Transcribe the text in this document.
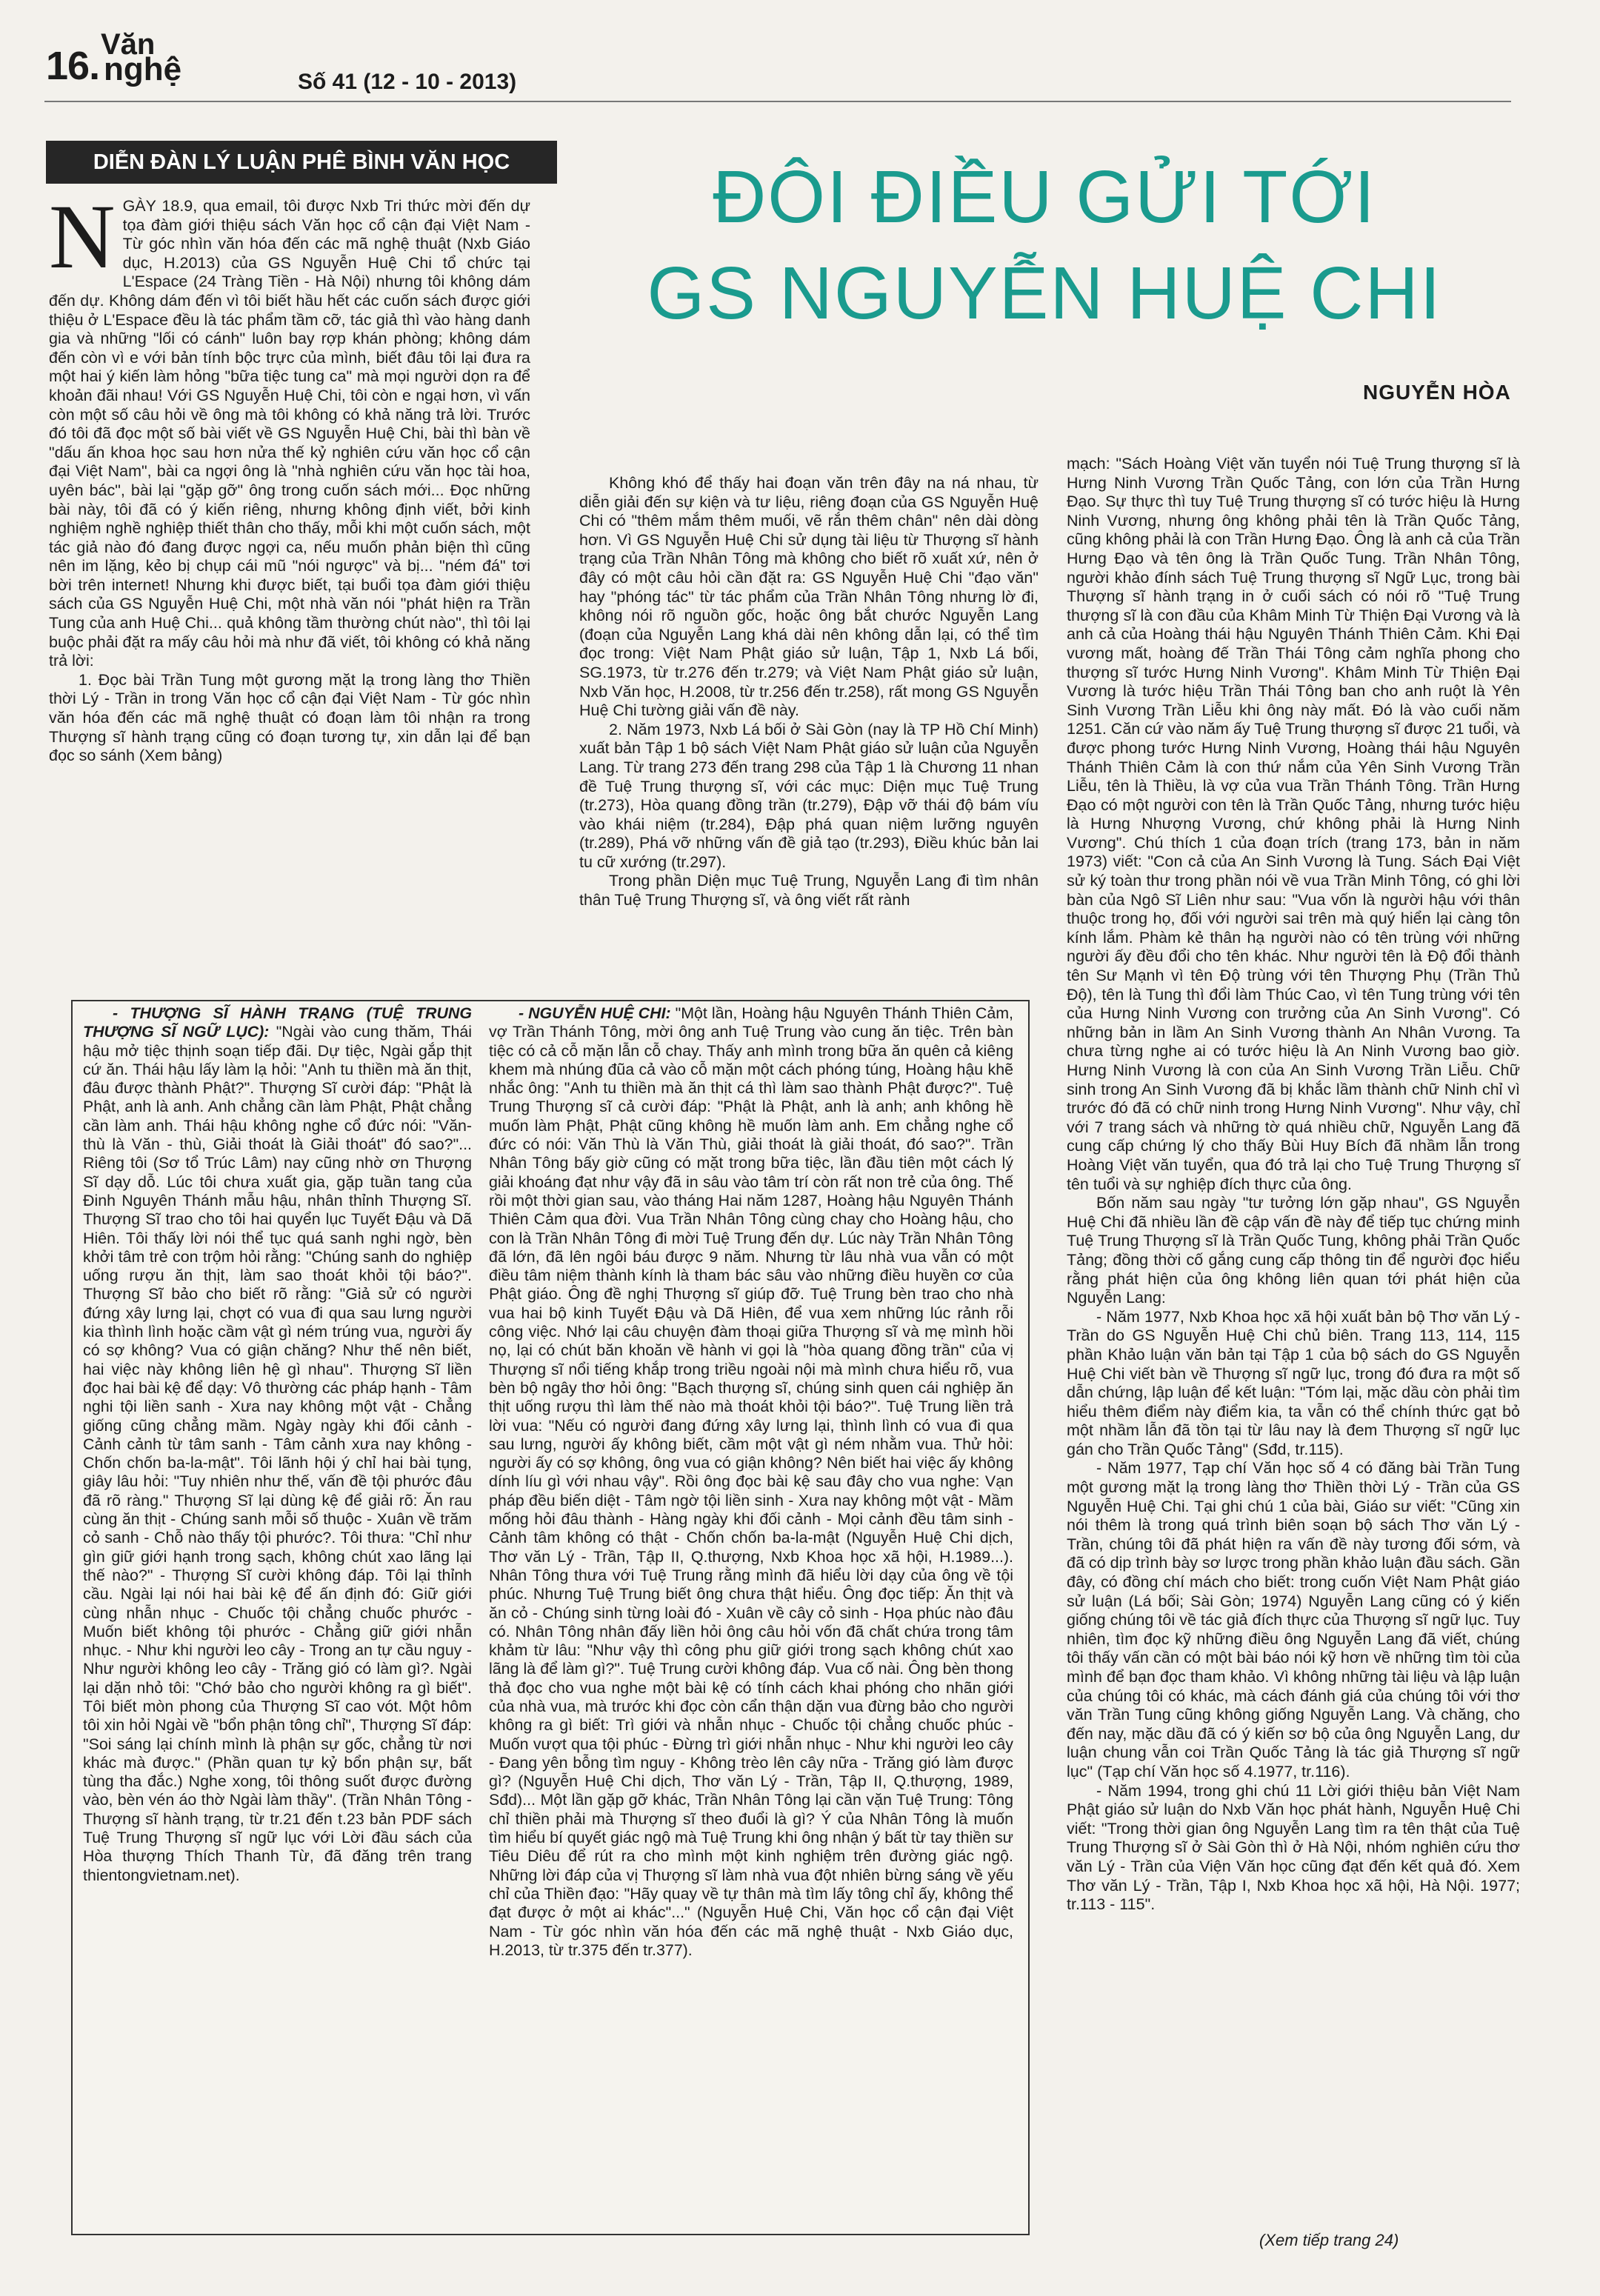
Văn
nghệ
16.	Số 41 (12 - 10 - 2013)
DIỄN ĐÀN LÝ LUẬN PHÊ BÌNH VĂN HỌC	ĐÔI ĐIỀU GỬI TỚI
GS NGUYỄN HUỆ CHI
NGUYỄN HÒA

NGÀY 18.9, qua email, tôi được Nxb Tri thức mời đến dự tọa đàm giới thiệu sách Văn học cổ cận đại Việt Nam - Từ góc nhìn văn hóa đến các mã nghệ thuật (Nxb Giáo dục, H.2013) của GS Nguyễn Huệ Chi tổ chức tại L'Espace (24 Tràng Tiền - Hà Nội) nhưng tôi không dám đến dự. Không dám đến vì tôi biết hầu hết các cuốn sách được giới thiệu ở L'Espace đều là tác phẩm tầm cỡ, tác giả thì vào hàng danh gia và những "lối có cánh" luôn bay rợp khán phòng; không dám đến còn vì e với bản tính bộc trực của mình, biết đâu tôi lại đưa ra một hai ý kiến làm hỏng "bữa tiệc tung ca" mà mọi người dọn ra để khoản đãi nhau! Với GS Nguyễn Huệ Chi, tôi còn e ngại hơn, vì vấn còn một số câu hỏi về ông mà tôi không có khả năng trả lời. Trước đó tôi đã đọc một số bài viết về GS Nguyễn Huệ Chi, bài thì bàn về "dấu ấn khoa học sau hơn nửa thế kỷ nghiên cứu văn học cổ cận đại Việt Nam", bài ca ngợi ông là "nhà nghiên cứu văn học tài hoa, uyên bác", bài lại "gặp gỡ" ông trong cuốn sách mới... Đọc những bài này, tôi đã có ý kiến riêng, nhưng không định viết, bởi kinh nghiệm nghề nghiệp thiết thân cho thấy, mỗi khi một cuốn sách, một tác giả nào đó đang được ngợi ca, nếu muốn phản biện thì cũng nên im lặng, kẻo bị chụp cái mũ "nói ngược" và bị... "ném đá" tơi bời trên internet! Nhưng khi được biết, tại buổi tọa đàm giới thiệu sách của GS Nguyễn Huệ Chi, một nhà văn nói "phát hiện ra Trần Tung của anh Huệ Chi... quả không tầm thường chút nào", thì tôi lại buộc phải đặt ra mấy câu hỏi mà như đã viết, tôi không có khả năng trả lời:

1. Đọc bài Trần Tung một gương mặt lạ trong làng thơ Thiền thời Lý - Trần in trong Văn học cổ cận đại Việt Nam - Từ góc nhìn văn hóa đến các mã nghệ thuật có đoạn làm tôi nhận ra trong Thượng sĩ hành trạng cũng có đoạn tương tự, xin dẫn lại để bạn đọc so sánh (Xem bảng)

Không khó để thấy hai đoạn văn trên đây na ná nhau, từ diễn giải đến sự kiện và tư liệu, riêng đoạn của GS Nguyễn Huệ Chi có "thêm mắm thêm muối, vẽ rắn thêm chân" nên dài dòng hơn. Vì GS Nguyễn Huệ Chi sử dụng tài liệu từ Thượng sĩ hành trạng của Trần Nhân Tông mà không cho biết rõ xuất xứ, nên ở đây có một câu hỏi cần đặt ra: GS Nguyễn Huệ Chi "đạo văn" hay "phóng tác" từ tác phẩm của Trần Nhân Tông nhưng lờ đi, không nói rõ nguồn gốc, hoặc ông bắt chước Nguyễn Lang (đoạn của Nguyễn Lang khá dài nên không dẫn lại, có thể tìm đọc trong: Việt Nam Phật giáo sử luận, Tập 1, Nxb Lá bối, SG.1973, từ tr.276 đến tr.279; và Việt Nam Phật giáo sử luận, Nxb Văn học, H.2008, từ tr.256 đến tr.258), rất mong GS Nguyễn Huệ Chi tường giải vấn đề này.

2. Năm 1973, Nxb Lá bối ở Sài Gòn (nay là TP Hồ Chí Minh) xuất bản Tập 1 bộ sách Việt Nam Phật giáo sử luận của Nguyễn Lang. Từ trang 273 đến trang 298 của Tập 1 là Chương 11 nhan đề Tuệ Trung thượng sĩ, với các mục: Diện mục Tuệ Trung (tr.273), Hòa quang đồng trần (tr.279), Đập vỡ thái độ bám víu vào khái niệm (tr.284), Đập phá quan niệm lưỡng nguyên (tr.289), Phá vỡ những vấn đề giả tạo (tr.293), Điều khúc bản lai tu cữ xướng (tr.297).

Trong phần Diện mục Tuệ Trung, Nguyễn Lang đi tìm nhân thân Tuệ Trung Thượng sĩ, và ông viết rất rành

mạch: "Sách Hoàng Việt văn tuyển nói Tuệ Trung thượng sĩ là Hưng Ninh Vương Trần Quốc Tảng, con lớn của Trần Hưng Đạo. Sự thực thì tuy Tuệ Trung thượng sĩ có tước hiệu là Hưng Ninh Vương, nhưng ông không phải tên là Trần Quốc Tảng, cũng không phải là con Trần Hưng Đạo. Ông là anh cả của Trần Hưng Đạo và tên ông là Trần Quốc Tung. Trần Nhân Tông, người khảo đính sách Tuệ Trung thượng sĩ Ngữ Lục, trong bài Thượng sĩ hành trạng in ở cuối sách có nói rõ "Tuệ Trung thượng sĩ là con đầu của Khâm Minh Từ Thiện Đại Vương và là anh cả của Hoàng thái hậu Nguyên Thánh Thiên Cảm. Khi Đại vương mất, hoàng đế Trần Thái Tông cảm nghĩa phong cho thượng sĩ tước Hưng Ninh Vương". Khâm Minh Từ Thiện Đại Vương là tước hiệu Trần Thái Tông ban cho anh ruột là Yên Sinh Vương Trần Liễu khi ông này mất. Đó là vào cuối năm 1251. Căn cứ vào năm ấy Tuệ Trung thượng sĩ được 21 tuổi, và được phong tước Hưng Ninh Vương, Hoàng thái hậu Nguyên Thánh Thiên Cảm là con thứ nắm của Yên Sinh Vương Trần Liễu, tên là Thiều, là vợ của vua Trần Thánh Tông. Trần Hưng Đạo có một người con tên là Trần Quốc Tảng, nhưng tước hiệu là Hưng Nhượng Vương, chứ không phải là Hưng Ninh Vương". Chú thích 1 của đoạn trích (trang 173, bản in năm 1973) viết: "Con cả của An Sinh Vương là Tung. Sách Đại Việt sử ký toàn thư trong phần nói về vua Trần Minh Tông, có ghi lời bàn của Ngô Sĩ Liên như sau: "Vua vốn là người hậu với thân thuộc trong họ, đối với người sai trên mà quý hiển lại càng tôn kính lắm. Phàm kẻ thân hạ người nào có tên trùng với những người ấy đều đổi cho tên khác. Như người tên là Độ đổi thành tên Sư Mạnh vì tên Độ trùng với tên Thượng Phụ (Trần Thủ Độ), tên là Tung thì đổi làm Thúc Cao, vì tên Tung trùng với tên của Hưng Ninh Vương con trưởng của An Sinh Vương". Có những bản in lầm An Sinh Vương thành An Nhân Vương. Ta chưa từng nghe ai có tước hiệu là An Ninh Vương bao giờ. Hưng Ninh Vương là con của An Sinh Vương Trần Liễu. Chữ sinh trong An Sinh Vương đã bị khắc lầm thành chữ Ninh chỉ vì trước đó đã có chữ ninh trong Hưng Ninh Vương". Như vậy, chỉ với 7 trang sách và những tờ quá nhiều chữ, Nguyễn Lang đã cung cấp chứng lý cho thấy Bùi Huy Bích đã nhầm lẫn trong Hoàng Việt văn tuyển, qua đó trả lại cho Tuệ Trung Thượng sĩ tên tuổi và sự nghiệp đích thực của ông.

Bốn năm sau ngày "tư tưởng lớn gặp nhau", GS Nguyễn Huệ Chi đã nhiều lần đề cập vấn đề này để tiếp tục chứng minh Tuệ Trung Thượng sĩ là Trần Quốc Tung, không phải Trần Quốc Tảng; đồng thời cố gắng cung cấp thông tin để người đọc hiểu rằng phát hiện của ông không liên quan tới phát hiện của Nguyễn Lang:

- Năm 1977, Nxb Khoa học xã hội xuất bản bộ Thơ văn Lý - Trần do GS Nguyễn Huệ Chi chủ biên. Trang 113, 114, 115 phần Khảo luận văn bản tại Tập 1 của bộ sách do GS Nguyễn Huệ Chi viết bàn về Thượng sĩ ngữ lục, trong đó đưa ra một số dẫn chứng, lập luận để kết luận: "Tóm lại, mặc dầu còn phải tìm hiểu thêm điểm này điểm kia, ta vẫn có thể chính thức gạt bỏ một nhầm lẫn đã tồn tại từ lâu nay là đem Thượng sĩ ngữ lục gán cho Trần Quốc Tảng" (Sđd, tr.115).

- Năm 1977, Tạp chí Văn học số 4 có đăng bài Trần Tung một gương mặt lạ trong làng thơ Thiền thời Lý - Trần của GS Nguyễn Huệ Chi. Tại ghi chú 1 của bài, Giáo sư viết: "Cũng xin nói thêm là trong quá trình biên soạn bộ sách Thơ văn Lý - Trần, chúng tôi đã phát hiện ra vấn đề này tương đối sớm, và đã có dịp trình bày sơ lược trong phần khảo luận đầu sách. Gần đây, có đồng chí mách cho biết: trong cuốn Việt Nam Phật giáo sử luận (Lá bối; Sài Gòn; 1974) Nguyễn Lang cũng có ý kiến giống chúng tôi về tác giả đích thực của Thượng sĩ ngữ lục. Tuy nhiên, tìm đọc kỹ những điều ông Nguyễn Lang đã viết, chúng tôi thấy vấn cần có một bài báo nói kỹ hơn về những tìm tòi của mình để bạn đọc tham khảo. Vì không những tài liệu và lập luận của chúng tôi có khác, mà cách đánh giá của chúng tôi với thơ văn Trần Tung cũng không giống Nguyễn Lang. Và chăng, cho đến nay, mặc dầu đã có ý kiến sơ bộ của ông Nguyễn Lang, dư luận chung vẫn coi Trần Quốc Tảng là tác giả Thượng sĩ ngữ lục" (Tạp chí Văn học số 4.1977, tr.116).

- Năm 1994, trong ghi chú 11 Lời giới thiệu bản Việt Nam Phật giáo sử luận do Nxb Văn học phát hành, Nguyễn Huệ Chi viết: "Trong thời gian ông Nguyễn Lang tìm ra tên thật của Tuệ Trung Thượng sĩ ở Sài Gòn thì ở Hà Nội, nhóm nghiên cứu thơ văn Lý - Trần của Viện Văn học cũng đạt đến kết quả đó. Xem Thơ văn Lý - Trần, Tập I, Nxb Khoa học xã hội, Hà Nội. 1977; tr.113 - 115".

- THƯỢNG SĨ HÀNH TRẠNG (TUỆ TRUNG THƯỢNG SĨ NGỮ LỤC): "Ngài vào cung thăm, Thái hậu mở tiệc thịnh soạn tiếp đãi. Dự tiệc, Ngài gắp thịt cứ ăn. Thái hậu lấy làm lạ hỏi: "Anh tu thiền mà ăn thịt, đâu được thành Phật?". Thượng Sĩ cười đáp: "Phật là Phật, anh là anh. Anh chẳng cần làm Phật, Phật chẳng cần làm anh. Thái hậu không nghe cổ đức nói: "Văn-thù là Văn - thù, Giải thoát là Giải thoát" đó sao?"... Riêng tôi (Sơ tổ Trúc Lâm) nay cũng nhờ ơn Thượng Sĩ dạy dỗ. Lúc tôi chưa xuất gia, gặp tuần tang của Đinh Nguyên Thánh mẫu hậu, nhân thỉnh Thượng Sĩ. Thượng Sĩ trao cho tôi hai quyển lục Tuyết Đậu và Dã Hiên. Tôi thấy lời nói thể tục quá sanh nghi ngờ, bèn khởi tâm trẻ con trộm hỏi rằng: "Chúng sanh do nghiệp uống rượu ăn thịt, làm sao thoát khỏi tội báo?". Thượng Sĩ bảo cho biết rõ rằng: "Giả sử có người đứng xây lưng lại, chợt có vua đi qua sau lưng người kia thình lình hoặc cầm vật gì ném trúng vua, người ấy có sợ không? Vua có giận chăng? Như thế nên biết, hai việc này không liên hệ gì nhau". Thượng Sĩ liền đọc hai bài kệ để dạy: Vô thường các pháp hạnh - Tâm nghi tội liền sanh - Xưa nay không một vật - Chẳng giống cũng chẳng mầm. Ngày ngày khi đối cảnh - Cảnh cảnh từ tâm sanh - Tâm cảnh xưa nay không - Chốn chốn ba-la-mật". Tôi lãnh hội ý chỉ hai bài tụng, giây lâu hỏi: "Tuy nhiên như thế, vấn đề tội phước đâu đã rõ ràng." Thượng Sĩ lại dùng kệ để giải rõ: Ăn rau cùng ăn thịt - Chúng sanh mỗi số thuộc - Xuân về trăm cỏ sanh - Chỗ nào thấy tội phước?. Tôi thưa: "Chỉ như gìn giữ giới hạnh trong sạch, không chút xao lãng lại thế nào?" - Thượng Sĩ cười không đáp. Tôi lại thỉnh cầu. Ngài lại nói hai bài kệ để ấn định đó: Giữ giới cùng nhẫn nhục - Chuốc tội chẳng chuốc phước - Muốn biết không tội phước - Chẳng giữ giới nhẫn nhục. - Như khi người leo cây - Trong an tự cầu nguy - Như người không leo cây - Trăng gió có làm gì?. Ngài lại dặn nhỏ tôi: "Chớ bảo cho người không ra gì biết". Tôi biết mòn phong của Thượng Sĩ cao vót. Một hôm tôi xin hỏi Ngài về "bổn phận tông chỉ", Thượng Sĩ đáp: "Soi sáng lại chính mình là phận sự gốc, chẳng từ nơi khác mà được." (Phần quan tự kỷ bổn phận sự, bất tùng tha đắc.) Nghe xong, tôi thông suốt được đường vào, bèn vén áo thờ Ngài làm thầy". (Trần Nhân Tông - Thượng sĩ hành trạng, từ tr.21 đến t.23 bản PDF sách Tuệ Trung Thượng sĩ ngữ lục với Lời đầu sách của Hòa thượng Thích Thanh Từ, đã đăng trên trang thientongvietnam.net).

- NGUYỄN HUỆ CHI: "Một lần, Hoàng hậu Nguyên Thánh Thiên Cảm, vợ Trần Thánh Tông, mời ông anh Tuệ Trung vào cung ăn tiệc. Trên bàn tiệc có cả cỗ mặn lẫn cỗ chay. Thấy anh mình trong bữa ăn quên cả kiêng khem mà nhúng đũa cả vào cỗ mặn một cách phóng túng, Hoàng hậu khẽ nhắc ông: "Anh tu thiền mà ăn thịt cá thì làm sao thành Phật được?". Tuệ Trung Thượng sĩ cả cười đáp: "Phật là Phật, anh là anh; anh không hề muốn làm Phật, Phật cũng không hề muốn làm anh. Em chẳng nghe cổ đức có nói: Văn Thù là Văn Thù, giải thoát là giải thoát, đó sao?". Trần Nhân Tông bấy giờ cũng có mặt trong bữa tiệc, lần đầu tiên một cách lý giải khoáng đạt như vậy đã in sâu vào tâm trí còn rất non trẻ của ông. Thế rồi một thời gian sau, vào tháng Hai năm 1287, Hoàng hậu Nguyên Thánh Thiên Cảm qua đời. Vua Trần Nhân Tông cùng chay cho Hoàng hậu, cho con là Trần Nhân Tông đi mời Tuệ Trung đến dự. Lúc này Trần Nhân Tông đã lớn, đã lên ngôi báu được 9 năm. Nhưng từ lâu nhà vua vẫn có một điều tâm niệm thành kính là tham bác sâu vào những điều huyền cơ của Phật giáo. Ông đề nghị Thượng sĩ giúp đỡ. Tuệ Trung bèn trao cho nhà vua hai bộ kinh Tuyết Đậu và Dã Hiên, để vua xem những lúc rảnh rỗi công việc. Nhớ lại câu chuyện đàm thoại giữa Thượng sĩ và mẹ mình hồi nọ, lại có chút băn khoăn về hành vi gọi là "hòa quang đồng trần" của vị Thượng sĩ nổi tiếng khắp trong triều ngoài nội mà mình chưa hiểu rõ, vua bèn bộ ngây thơ hỏi ông: "Bạch thượng sĩ, chúng sinh quen cái nghiệp ăn thịt uống rượu thì làm thế nào mà thoát khỏi tội báo?". Tuệ Trung liền trả lời vua: "Nếu có người đang đứng xây lưng lại, thình lình có vua đi qua sau lưng, người ấy không biết, cầm một vật gì ném nhằm vua. Thử hỏi: người ấy có sợ không, ông vua có giận không? Nên biết hai việc ấy không dính líu gì với nhau vậy". Rồi ông đọc bài kệ sau đây cho vua nghe: Vạn pháp đều biến diệt - Tâm ngờ tội liền sinh - Xưa nay không một vật - Mầm mống hỏi đâu thành - Hàng ngày khi đối cảnh - Mọi cảnh đều tâm sinh - Cảnh tâm không có thật - Chốn chốn ba-la-mật (Nguyễn Huệ Chi dịch, Thơ văn Lý - Trần, Tập II, Q.thượng, Nxb Khoa học xã hội, H.1989...). Nhân Tông thưa với Tuệ Trung rằng mình đã hiểu lời dạy của ông về tội phúc. Nhưng Tuệ Trung biết ông chưa thật hiểu. Ông đọc tiếp: Ăn thịt và ăn cỏ - Chúng sinh từng loài đó - Xuân về cây cỏ sinh - Họa phúc nào đâu có. Nhân Tông nhân đấy liền hỏi ông câu hỏi vốn đã chất chứa trong tâm khảm từ lâu: "Như vậy thì công phu giữ giới trong sạch không chút xao lãng là để làm gì?". Tuệ Trung cười không đáp. Vua cố nài. Ông bèn thong thả đọc cho vua nghe một bài kệ có tính cách khai phóng cho nhãn giới của nhà vua, mà trước khi đọc còn cẩn thận dặn vua đừng bảo cho người không ra gì biết: Trì giới và nhẫn nhục - Chuốc tội chẳng chuốc phúc - Muốn vượt qua tội phúc - Đừng trì giới nhẫn nhục - Như khi người leo cây - Đang yên bỗng tìm nguy - Không trèo lên cây nữa - Trăng gió làm được gì? (Nguyễn Huệ Chi dịch, Thơ văn Lý - Trần, Tập II, Q.thượng, 1989, Sđd)... Một lần gặp gỡ khác, Trần Nhân Tông lại cần vặn Tuệ Trung: Tông chỉ thiền phải mà Thượng sĩ theo đuổi là gì? Ý của Nhân Tông là muốn tìm hiểu bí quyết giác ngộ mà Tuệ Trung khi ông nhận ý bất từ tay thiền sư Tiêu Diêu để rút ra cho mình một kinh nghiệm trên đường giác ngộ. Những lời đáp của vị Thượng sĩ làm nhà vua đột nhiên bừng sáng về yếu chỉ của Thiền đạo: "Hãy quay về tự thân mà tìm lấy tông chỉ ấy, không thể đạt được ở một ai khác"..." (Nguyễn Huệ Chi, Văn học cổ cận đại Việt Nam - Từ góc nhìn văn hóa đến các mã nghệ thuật - Nxb Giáo dục, H.2013, từ tr.375 đến tr.377).

(Xem tiếp trang 24)
